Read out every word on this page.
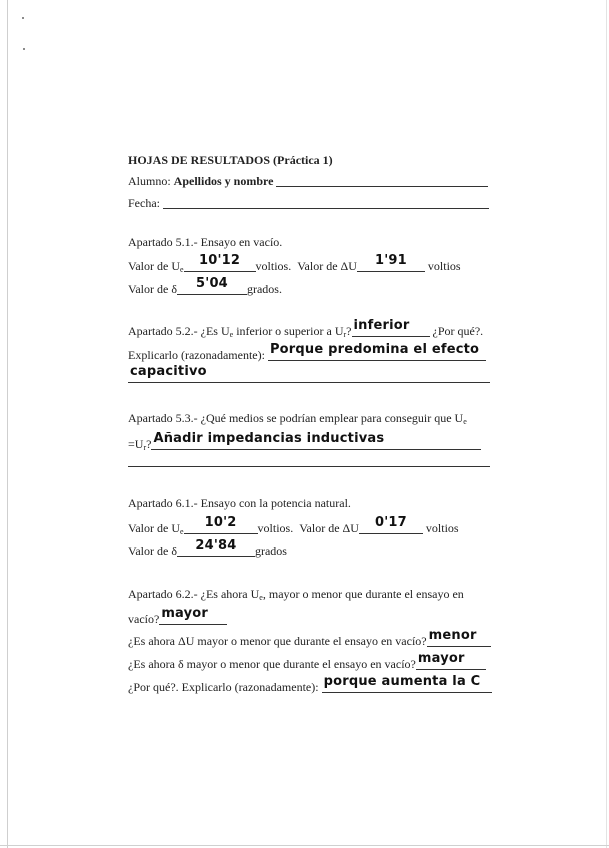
HOJAS DE RESULTADOS (Práctica 1)
Alumno: Apellidos y nombre
Fecha:
Apartado 5.1.- Ensayo en vacío.
Valor de $U_e$
10'12	voltios. Valor de ΔU	1'91	voltios
Valor de δ	5'04	grados.
Apartado 5.2.- ¿Es $U_e$ inferior o superior a $U_r$? inferior	¿Por qué?.
Explicarlo (razonadamente): Porque predomina el efecto
capacitivo
Apartado 5.3.- ¿Qué medios se podrían emplear para conseguir que $U_e$
$=U_r$? Añadir impedancias inductivas
Apartado 6.1.- Ensayo con la potencia natural.
Valor de $U_e$
10'2	voltios. Valor de ΔU	0'17	voltios
Valor de δ	24'84	grados
Apartado 6.2.- ¿Es ahora $U_e$, mayor o menor que durante el ensayo en
vacío? mayor
¿Es ahora ΔU mayor o menor que durante el ensayo en vacío? menor
¿Es ahora δ mayor o menor que durante el ensayo en vacío? mayor
¿Por qué?. Explicarlo (razonadamente): porque aumenta la C
